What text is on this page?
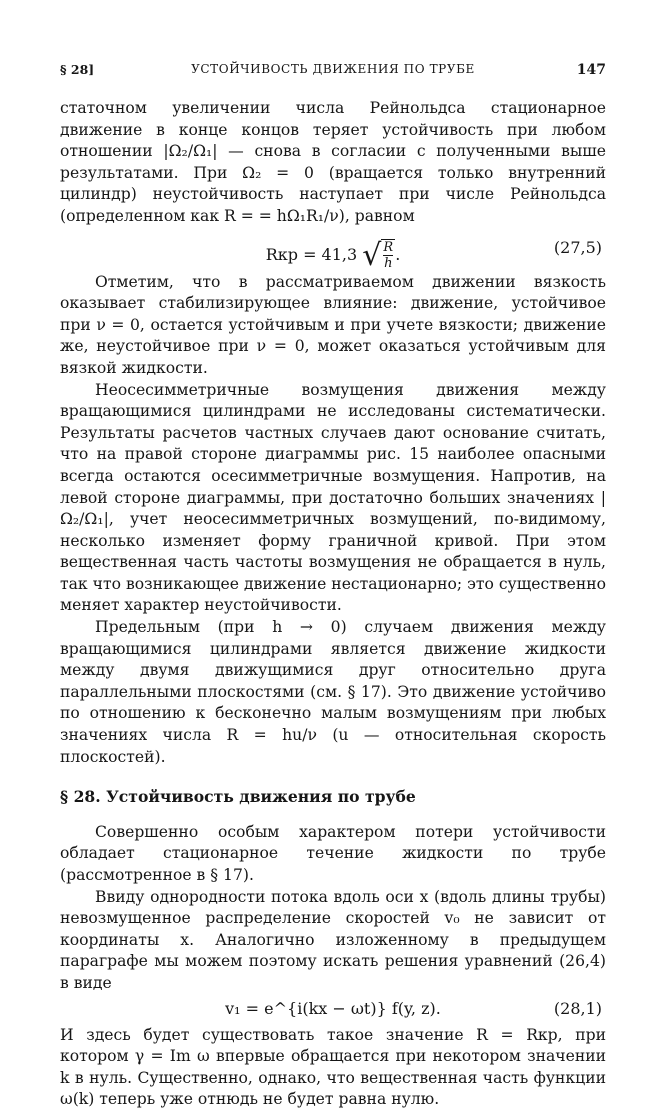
§ 28]	УСТОЙЧИВОСТЬ ДВИЖЕНИЯ ПО ТРУБЕ	147

статочном увеличении числа Рейнольдса стационарное движение в конце концов теряет устойчивость при любом отношении |Ω₂/Ω₁| — снова в согласии с полученными выше результатами. При Ω₂ = 0 (вращается только внутренний цилиндр) неустойчивость наступает при числе Рейнольдса (определенном как R = = hΩ₁R₁/ν), равном

Rкр = 41,3 √ $\frac{R}{h}$ .	(27,5)

Отметим, что в рассматриваемом движении вязкость оказывает стабилизирующее влияние: движение, устойчивое при ν = 0, остается устойчивым и при учете вязкости; движение же, неустойчивое при ν = 0, может оказаться устойчивым для вязкой жидкости.

Неосесимметричные возмущения движения между вращающимися цилиндрами не исследованы систематически. Результаты расчетов частных случаев дают основание считать, что на правой стороне диаграммы рис. 15 наиболее опасными всегда остаются осесимметричные возмущения. Напротив, на левой стороне диаграммы, при достаточно больших значениях |Ω₂/Ω₁|, учет неосесимметричных возмущений, по-видимому, несколько изменяет форму граничной кривой. При этом вещественная часть частоты возмущения не обращается в нуль, так что возникающее движение нестационарно; это существенно меняет характер неустойчивости.

Предельным (при h → 0) случаем движения между вращающимися цилиндрами является движение жидкости между двумя движущимися друг относительно друга параллельными плоскостями (см. § 17). Это движение устойчиво по отношению к бесконечно малым возмущениям при любых значениях числа R = hu/ν (u — относительная скорость плоскостей).

§ 28. Устойчивость движения по трубе

Совершенно особым характером потери устойчивости обладает стационарное течение жидкости по трубе (рассмотренное в § 17).

Ввиду однородности потока вдоль оси x (вдоль длины трубы) невозмущенное распределение скоростей v₀ не зависит от координаты x. Аналогично изложенному в предыдущем параграфе мы можем поэтому искать решения уравнений (26,4) в виде

v₁ = e^{i(kx − ωt)} f(y, z).	(28,1)

И здесь будет существовать такое значение R = Rкр, при котором γ = Im ω впервые обращается при некотором значении k в нуль. Существенно, однако, что вещественная часть функции ω(k) теперь уже отнюдь не будет равна нулю.
